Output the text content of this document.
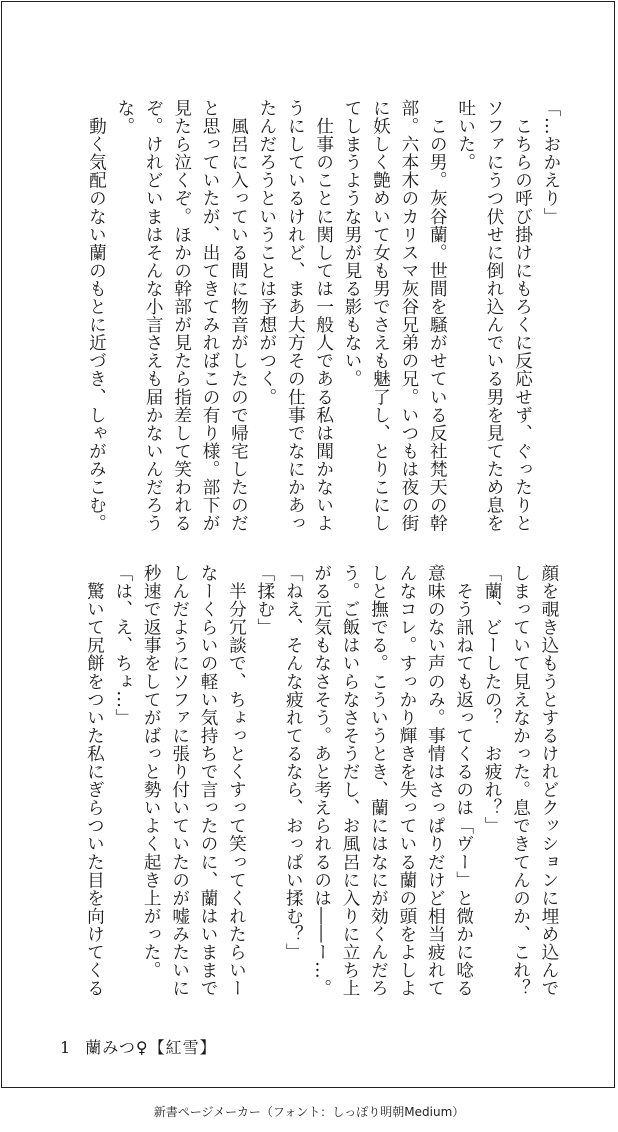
「…おかえり」
　こちらの呼び掛けにもろくに反応せず、ぐったりと
ソファにうつ伏せに倒れ込んでいる男を見てため息を
吐いた。
　この男。灰谷蘭。世間を騒がせている反社梵天の幹
部。六本木のカリスマ灰谷兄弟の兄。いつもは夜の街
に妖しく艶めいて女も男でさえも魅了し、とりこにし
てしまうような男が見る影もない。
　仕事のことに関しては一般人である私は聞かないよ
うにしているけれど、まあ大方その仕事でなにかあっ
たんだろうということは予想がつく。
　風呂に入っている間に物音がしたので帰宅したのだ
と思っていたが、出てきてみればこの有り様。部下が
見たら泣くぞ。ほかの幹部が見たら指差して笑われる
ぞ。けれどいまはそんな小言さえも届かないんだろう
な。
　動く気配のない蘭のもとに近づき、しゃがみこむ。
顔を覗き込もうとするけれどクッションに埋め込んで
しまっていて見えなかった。息できてんのか、これ？
「蘭、どーしたの？　お疲れ？」
　そう訊ねても返ってくるのは「ヴー」と微かに唸る
意味のない声のみ。事情はさっぱりだけど相当疲れて
んなコレ。すっかり輝きを失っている蘭の頭をよしよ
しと撫でる。こういうとき、蘭にはなにが効くんだろ
う。ご飯はいらなさそうだし、お風呂に入りに立ち上
がる元気もなさそう。あと考えられるのは――ー…。
「ねえ、そんな疲れてるなら、おっぱい揉む？」
「揉む」
　半分冗談で、ちょっとくすって笑ってくれたらいー
なーくらいの軽い気持ちで言ったのに、蘭はいままで
しんだようにソファに張り付いていたのが嘘みたいに
秒速で返事をしてがばっと勢いよく起き上がった。
「は、え、ちょ…」
　驚いて尻餅をついた私にぎらついた目を向けてくる
1 蘭みつ♀【紅雪】
新書ページメーカー（フォント：しっぽり明朝Medium）
